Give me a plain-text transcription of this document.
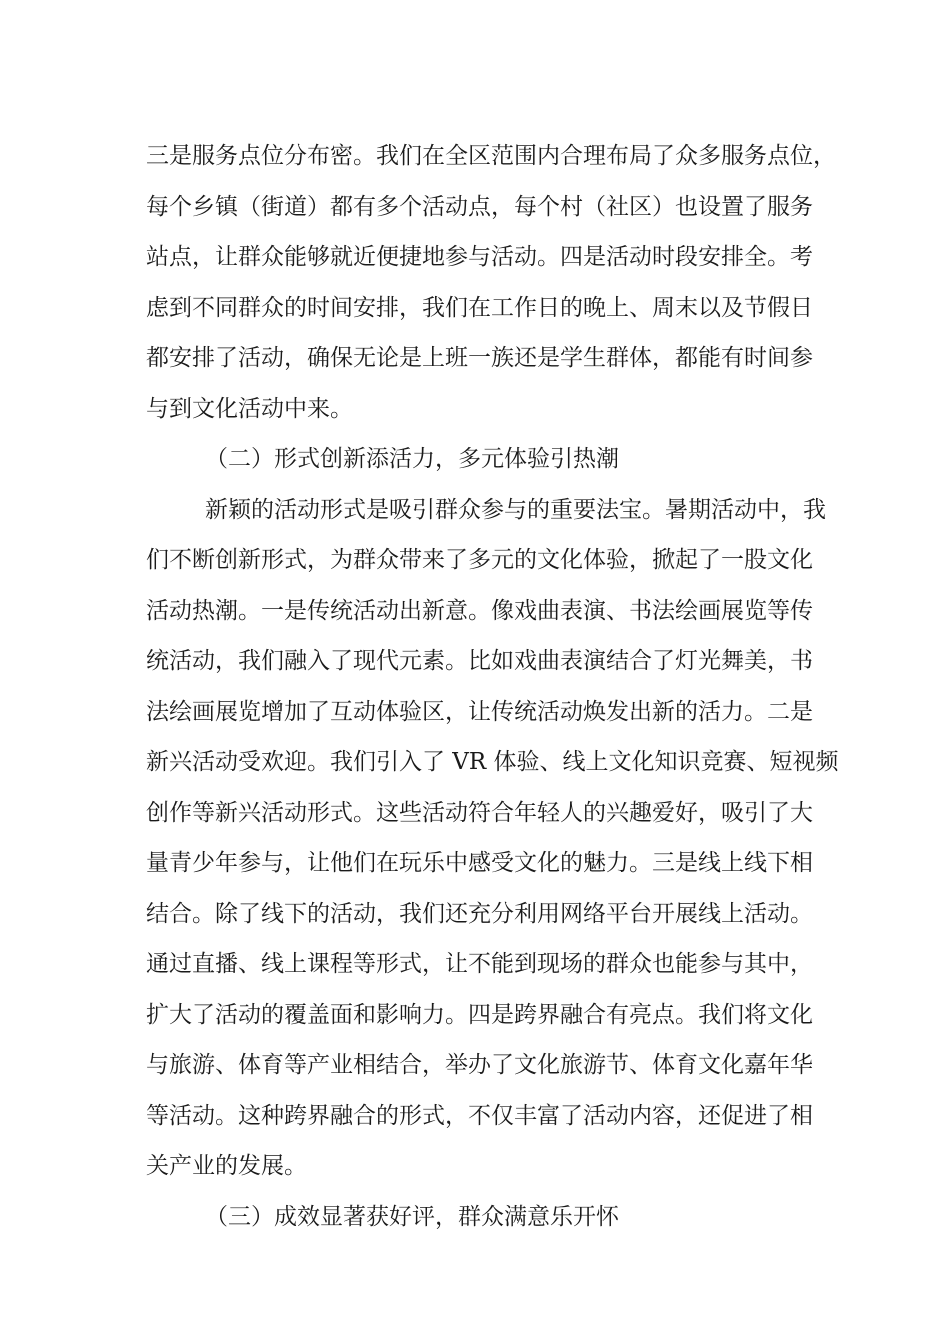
三是服务点位分布密。我们在全区范围内合理布局了众多服务点位，
每个乡镇（街道）都有多个活动点，每个村（社区）也设置了服务
站点，让群众能够就近便捷地参与活动。四是活动时段安排全。考
虑到不同群众的时间安排，我们在工作日的晚上、周末以及节假日
都安排了活动，确保无论是上班一族还是学生群体，都能有时间参
与到文化活动中来。
（二）形式创新添活力，多元体验引热潮
新颖的活动形式是吸引群众参与的重要法宝。暑期活动中，我
们不断创新形式，为群众带来了多元的文化体验，掀起了一股文化
活动热潮。一是传统活动出新意。像戏曲表演、书法绘画展览等传
统活动，我们融入了现代元素。比如戏曲表演结合了灯光舞美，书
法绘画展览增加了互动体验区，让传统活动焕发出新的活力。二是
新兴活动受欢迎。我们引入了 VR 体验、线上文化知识竞赛、短视频
创作等新兴活动形式。这些活动符合年轻人的兴趣爱好，吸引了大
量青少年参与，让他们在玩乐中感受文化的魅力。三是线上线下相
结合。除了线下的活动，我们还充分利用网络平台开展线上活动。
通过直播、线上课程等形式，让不能到现场的群众也能参与其中，
扩大了活动的覆盖面和影响力。四是跨界融合有亮点。我们将文化
与旅游、体育等产业相结合，举办了文化旅游节、体育文化嘉年华
等活动。这种跨界融合的形式，不仅丰富了活动内容，还促进了相
关产业的发展。
（三）成效显著获好评，群众满意乐开怀
